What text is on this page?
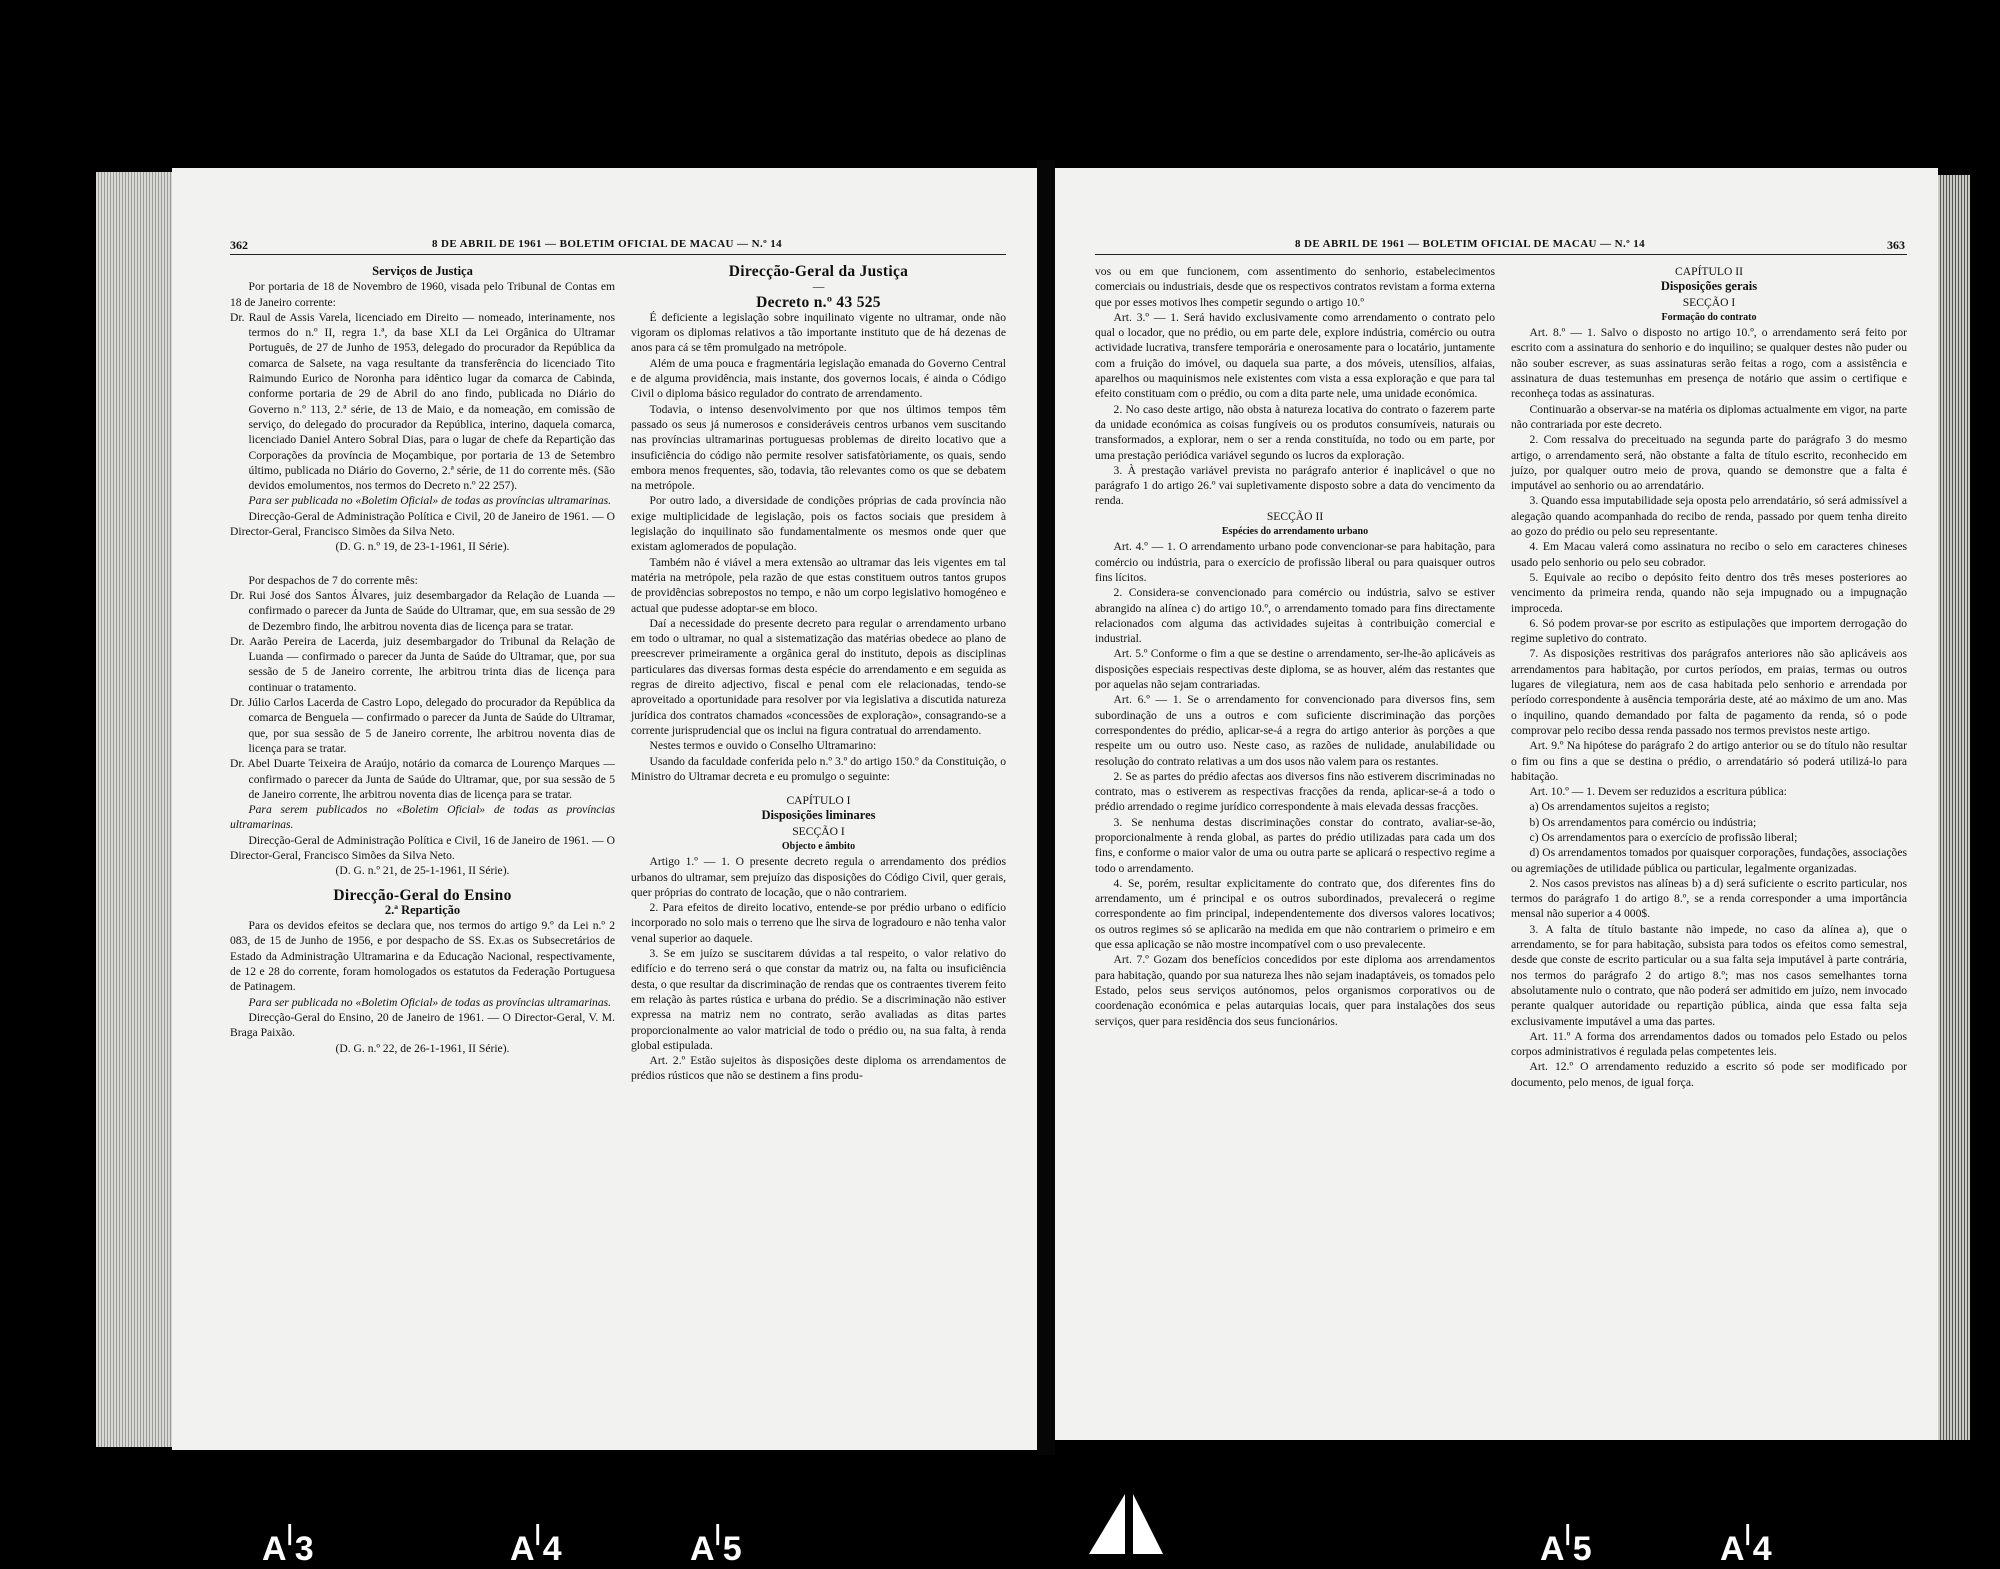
362	8 DE ABRIL DE 1961 — BOLETIM OFICIAL DE MACAU — N.º 14

Serviços de Justiça

Por portaria de 18 de Novembro de 1960, visada pelo Tribunal de Contas em 18 de Janeiro corrente:

Dr. Raul de Assis Varela, licenciado em Direito — nomeado, interinamente, nos termos do n.º II, regra 1.ª, da base XLI da Lei Orgânica do Ultramar Português, de 27 de Junho de 1953, delegado do procurador da República da comarca de Salsete, na vaga resultante da transferência do licenciado Tito Raimundo Eurico de Noronha para idêntico lugar da comarca de Cabinda, conforme portaria de 29 de Abril do ano findo, publicada no Diário do Governo n.º 113, 2.ª série, de 13 de Maio, e da nomeação, em comissão de serviço, do delegado do procurador da República, interino, daquela comarca, licenciado Daniel Antero Sobral Dias, para o lugar de chefe da Repartição das Corporações da província de Moçambique, por portaria de 13 de Setembro último, publicada no Diário do Governo, 2.ª série, de 11 do corrente mês. (São devidos emolumentos, nos termos do Decreto n.º 22 257).

Para ser publicada no «Boletim Oficial» de todas as províncias ultramarinas.

Direcção-Geral de Administração Política e Civil, 20 de Janeiro de 1961. — O Director-Geral, Francisco Simões da Silva Neto.

(D. G. n.º 19, de 23-1-1961, II Série).

Por despachos de 7 do corrente mês:

Dr. Rui José dos Santos Álvares, juiz desembargador da Relação de Luanda — confirmado o parecer da Junta de Saúde do Ultramar, que, em sua sessão de 29 de Dezembro findo, lhe arbitrou noventa dias de licença para se tratar.

Dr. Aarão Pereira de Lacerda, juiz desembargador do Tribunal da Relação de Luanda — confirmado o parecer da Junta de Saúde do Ultramar, que, por sua sessão de 5 de Janeiro corrente, lhe arbitrou trinta dias de licença para continuar o tratamento.

Dr. Júlio Carlos Lacerda de Castro Lopo, delegado do procurador da República da comarca de Benguela — confirmado o parecer da Junta de Saúde do Ultramar, que, por sua sessão de 5 de Janeiro corrente, lhe arbitrou noventa dias de licença para se tratar.

Dr. Abel Duarte Teixeira de Araújo, notário da comarca de Lourenço Marques — confirmado o parecer da Junta de Saúde do Ultramar, que, por sua sessão de 5 de Janeiro corrente, lhe arbitrou noventa dias de licença para se tratar.

Para serem publicados no «Boletim Oficial» de todas as províncias ultramarinas.

Direcção-Geral de Administração Política e Civil, 16 de Janeiro de 1961. — O Director-Geral, Francisco Simões da Silva Neto.

(D. G. n.º 21, de 25-1-1961, II Série).

Direcção-Geral do Ensino

2.ª Repartição

Para os devidos efeitos se declara que, nos termos do artigo 9.º da Lei n.º 2 083, de 15 de Junho de 1956, e por despacho de SS. Ex.as os Subsecretários de Estado da Administração Ultramarina e da Educação Nacional, respectivamente, de 12 e 28 do corrente, foram homologados os estatutos da Federação Portuguesa de Patinagem.

Para ser publicada no «Boletim Oficial» de todas as províncias ultramarinas.

Direcção-Geral do Ensino, 20 de Janeiro de 1961. — O Director-Geral, V. M. Braga Paixão.

(D. G. n.º 22, de 26-1-1961, II Série).

Direcção-Geral da Justiça

—

Decreto n.º 43 525

É deficiente a legislação sobre inquilinato vigente no ultramar, onde não vigoram os diplomas relativos a tão importante instituto que de há dezenas de anos para cá se têm promulgado na metrópole.

Além de uma pouca e fragmentária legislação emanada do Governo Central e de alguma providência, mais instante, dos governos locais, é ainda o Código Civil o diploma básico regulador do contrato de arrendamento.

Todavia, o intenso desenvolvimento por que nos últimos tempos têm passado os seus já numerosos e consideráveis centros urbanos vem suscitando nas províncias ultramarinas portuguesas problemas de direito locativo que a insuficiência do código não permite resolver satisfatòriamente, os quais, sendo embora menos frequentes, são, todavia, tão relevantes como os que se debatem na metrópole.

Por outro lado, a diversidade de condições próprias de cada província não exige multiplicidade de legislação, pois os factos sociais que presidem à legislação do inquilinato são fundamentalmente os mesmos onde quer que existam aglomerados de população.

Também não é viável a mera extensão ao ultramar das leis vigentes em tal matéria na metrópole, pela razão de que estas constituem outros tantos grupos de providências sobrepostos no tempo, e não um corpo legislativo homogéneo e actual que pudesse adoptar-se em bloco.

Daí a necessidade do presente decreto para regular o arrendamento urbano em todo o ultramar, no qual a sistematização das matérias obedece ao plano de preescrever primeiramente a orgânica geral do instituto, depois as disciplinas particulares das diversas formas desta espécie do arrendamento e em seguida as regras de direito adjectivo, fiscal e penal com ele relacionadas, tendo-se aproveitado a oportunidade para resolver por via legislativa a discutida natureza jurídica dos contratos chamados «concessões de exploração», consagrando-se a corrente jurisprudencial que os inclui na figura contratual do arrendamento.

Nestes termos e ouvido o Conselho Ultramarino:

Usando da faculdade conferida pelo n.º 3.º do artigo 150.º da Constituição, o Ministro do Ultramar decreta e eu promulgo o seguinte:

CAPÍTULO I

Disposições liminares

SECÇÃO I

Objecto e âmbito

Artigo 1.º — 1. O presente decreto regula o arrendamento dos prédios urbanos do ultramar, sem prejuízo das disposições do Código Civil, quer gerais, quer próprias do contrato de locação, que o não contrariem.

2. Para efeitos de direito locativo, entende-se por prédio urbano o edifício incorporado no solo mais o terreno que lhe sirva de logradouro e não tenha valor venal superior ao daquele.

3. Se em juízo se suscitarem dúvidas a tal respeito, o valor relativo do edifício e do terreno será o que constar da matriz ou, na falta ou insuficiência desta, o que resultar da discriminação de rendas que os contraentes tiverem feito em relação às partes rústica e urbana do prédio. Se a discriminação não estiver expressa na matriz nem no contrato, serão avaliadas as ditas partes proporcionalmente ao valor matricial de todo o prédio ou, na sua falta, à renda global estipulada.

Art. 2.º Estão sujeitos às disposições deste diploma os arrendamentos de prédios rústicos que não se destinem a fins produ-

8 DE ABRIL DE 1961 — BOLETIM OFICIAL DE MACAU — N.º 14	363

vos ou em que funcionem, com assentimento do senhorio, estabelecimentos comerciais ou industriais, desde que os respectivos contratos revistam a forma externa que por esses motivos lhes competir segundo o artigo 10.º

Art. 3.º — 1. Será havido exclusivamente como arrendamento o contrato pelo qual o locador, que no prédio, ou em parte dele, explore indústria, comércio ou outra actividade lucrativa, transfere temporária e onerosamente para o locatário, juntamente com a fruição do imóvel, ou daquela sua parte, a dos móveis, utensílios, alfaias, aparelhos ou maquinismos nele existentes com vista a essa exploração e que para tal efeito constituam com o prédio, ou com a dita parte nele, uma unidade económica.

2. No caso deste artigo, não obsta à natureza locativa do contrato o fazerem parte da unidade económica as coisas fungíveis ou os produtos consumíveis, naturais ou transformados, a explorar, nem o ser a renda constituída, no todo ou em parte, por uma prestação periódica variável segundo os lucros da exploração.

3. À prestação variável prevista no parágrafo anterior é inaplicável o que no parágrafo 1 do artigo 26.º vai supletivamente disposto sobre a data do vencimento da renda.

SECÇÃO II

Espécies do arrendamento urbano

Art. 4.º — 1. O arrendamento urbano pode convencionar-se para habitação, para comércio ou indústria, para o exercício de profissão liberal ou para quaisquer outros fins lícitos.

2. Considera-se convencionado para comércio ou indústria, salvo se estiver abrangido na alínea c) do artigo 10.º, o arrendamento tomado para fins directamente relacionados com alguma das actividades sujeitas à contribuição comercial e industrial.

Art. 5.º Conforme o fim a que se destine o arrendamento, ser-lhe-ão aplicáveis as disposições especiais respectivas deste diploma, se as houver, além das restantes que por aquelas não sejam contrariadas.

Art. 6.º — 1. Se o arrendamento for convencionado para diversos fins, sem subordinação de uns a outros e com suficiente discriminação das porções correspondentes do prédio, aplicar-se-á a regra do artigo anterior às porções a que respeite um ou outro uso. Neste caso, as razões de nulidade, anulabilidade ou resolução do contrato relativas a um dos usos não valem para os restantes.

2. Se as partes do prédio afectas aos diversos fins não estiverem discriminadas no contrato, mas o estiverem as respectivas fracções da renda, aplicar-se-á a todo o prédio arrendado o regime jurídico correspondente à mais elevada dessas fracções.

3. Se nenhuma destas discriminações constar do contrato, avaliar-se-ão, proporcionalmente à renda global, as partes do prédio utilizadas para cada um dos fins, e conforme o maior valor de uma ou outra parte se aplicará o respectivo regime a todo o arrendamento.

4. Se, porém, resultar explicitamente do contrato que, dos diferentes fins do arrendamento, um é principal e os outros subordinados, prevalecerá o regime correspondente ao fim principal, independentemente dos diversos valores locativos; os outros regimes só se aplicarão na medida em que não contrariem o primeiro e em que essa aplicação se não mostre incompatível com o uso prevalecente.

Art. 7.º Gozam dos benefícios concedidos por este diploma aos arrendamentos para habitação, quando por sua natureza lhes não sejam inadaptáveis, os tomados pelo Estado, pelos seus serviços autónomos, pelos organismos corporativos ou de coordenação económica e pelas autarquias locais, quer para instalações dos seus serviços, quer para residência dos seus funcionários.

CAPÍTULO II

Disposições gerais

SECÇÃO I

Formação do contrato

Art. 8.º — 1. Salvo o disposto no artigo 10.º, o arrendamento será feito por escrito com a assinatura do senhorio e do inquilino; se qualquer destes não puder ou não souber escrever, as suas assinaturas serão feitas a rogo, com a assistência e assinatura de duas testemunhas em presença de notário que assim o certifique e reconheça todas as assinaturas.

Continuarão a observar-se na matéria os diplomas actualmente em vigor, na parte não contrariada por este decreto.

2. Com ressalva do preceituado na segunda parte do parágrafo 3 do mesmo artigo, o arrendamento será, não obstante a falta de título escrito, reconhecido em juízo, por qualquer outro meio de prova, quando se demonstre que a falta é imputável ao senhorio ou ao arrendatário.

3. Quando essa imputabilidade seja oposta pelo arrendatário, só será admissível a alegação quando acompanhada do recibo de renda, passado por quem tenha direito ao gozo do prédio ou pelo seu representante.

4. Em Macau valerá como assinatura no recibo o selo em caracteres chineses usado pelo senhorio ou pelo seu cobrador.

5. Equivale ao recibo o depósito feito dentro dos três meses posteriores ao vencimento da primeira renda, quando não seja impugnado ou a impugnação improceda.

6. Só podem provar-se por escrito as estipulações que importem derrogação do regime supletivo do contrato.

7. As disposições restritivas dos parágrafos anteriores não são aplicáveis aos arrendamentos para habitação, por curtos períodos, em praias, termas ou outros lugares de vilegiatura, nem aos de casa habitada pelo senhorio e arrendada por período correspondente à ausência temporária deste, até ao máximo de um ano. Mas o inquilino, quando demandado por falta de pagamento da renda, só o pode comprovar pelo recibo dessa renda passado nos termos previstos neste artigo.

Art. 9.º Na hipótese do parágrafo 2 do artigo anterior ou se do título não resultar o fim ou fins a que se destina o prédio, o arrendatário só poderá utilizá-lo para habitação.

Art. 10.º — 1. Devem ser reduzidos a escritura pública:

a) Os arrendamentos sujeitos a registo;

b) Os arrendamentos para comércio ou indústria;

c) Os arrendamentos para o exercício de profissão liberal;

d) Os arrendamentos tomados por quaisquer corporações, fundações, associações ou agremiações de utilidade pública ou particular, legalmente organizadas.

2. Nos casos previstos nas alíneas b) a d) será suficiente o escrito particular, nos termos do parágrafo 1 do artigo 8.º, se a renda corresponder a uma importância mensal não superior a 4 000$.

3. A falta de título bastante não impede, no caso da alínea a), que o arrendamento, se for para habitação, subsista para todos os efeitos como semestral, desde que conste de escrito particular ou a sua falta seja imputável à parte contrária, nos termos do parágrafo 2 do artigo 8.º; mas nos casos semelhantes torna absolutamente nulo o contrato, que não poderá ser admitido em juízo, nem invocado perante qualquer autoridade ou repartição pública, ainda que essa falta seja exclusivamente imputável a uma das partes.

Art. 11.º A forma dos arrendamentos dados ou tomados pelo Estado ou pelos corpos administrativos é regulada pelas competentes leis.

Art. 12.º O arrendamento reduzido a escrito só pode ser modificado por documento, pelo menos, de igual força.

A|3	A|4	A|5	A|5	A|4
